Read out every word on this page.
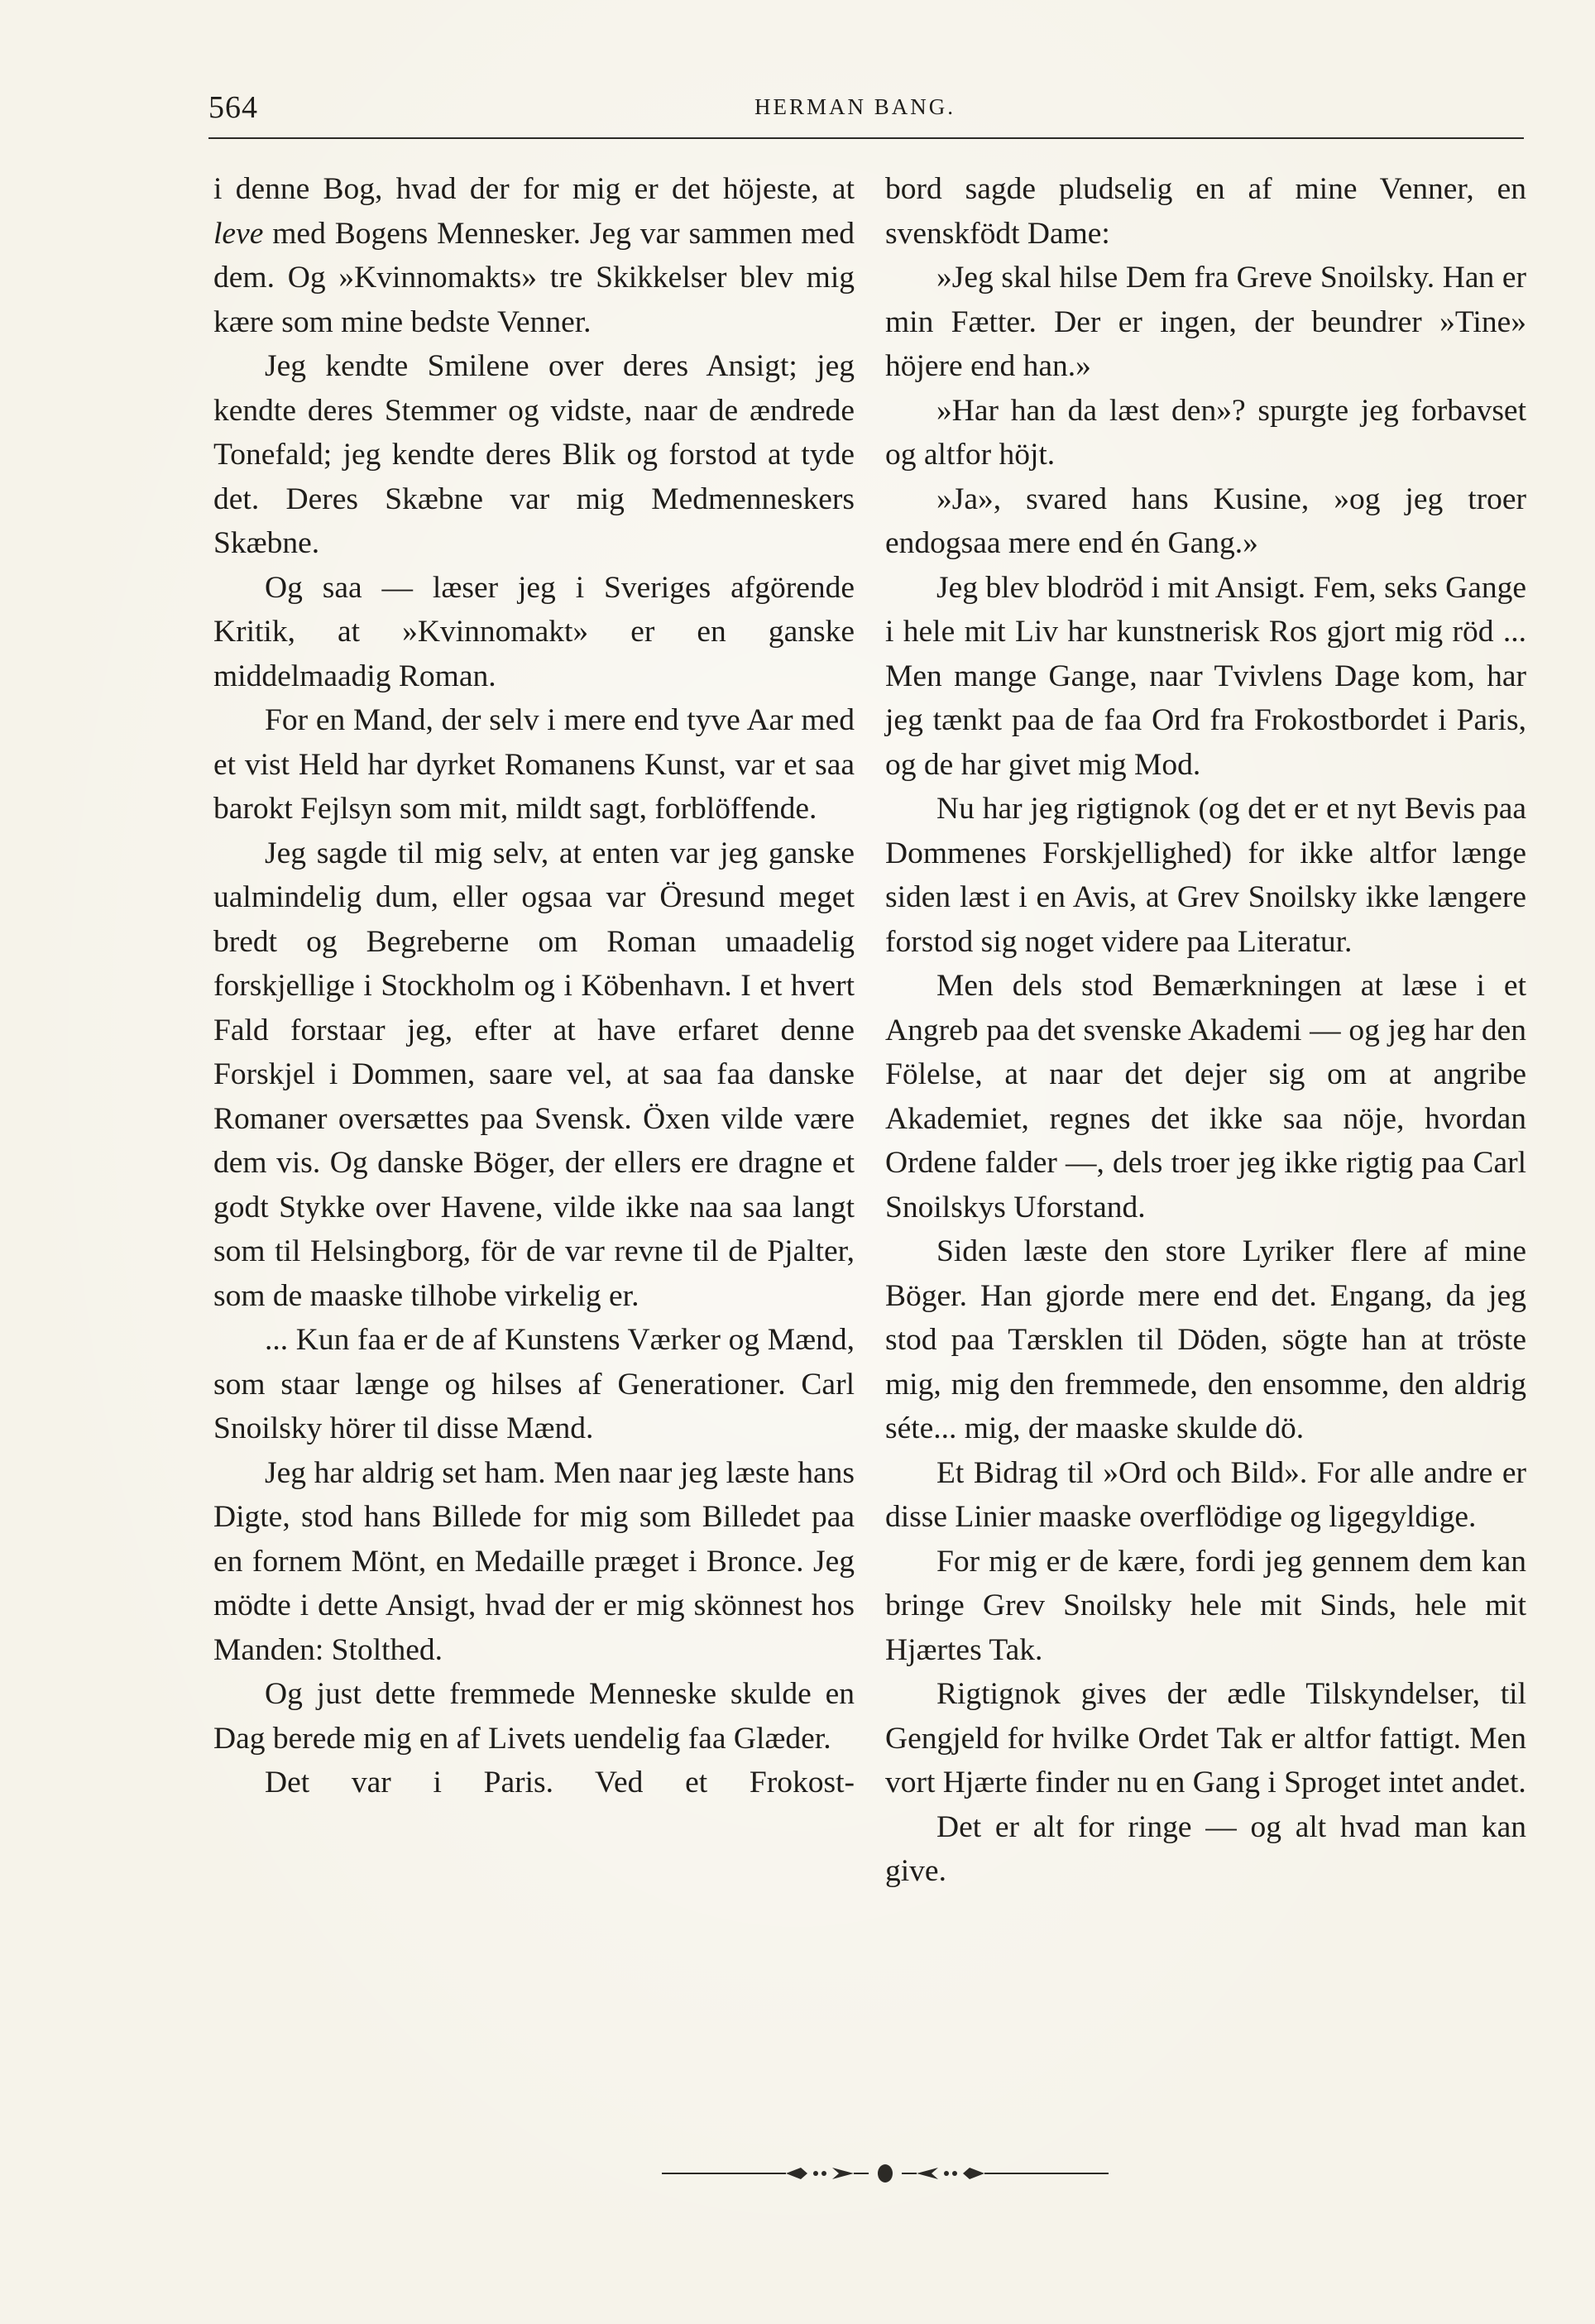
564	HERMAN BANG.

i denne Bog, hvad der for mig er det höjeste, at leve med Bogens Mennesker. Jeg var sammen med dem. Og »Kvinnomakts» tre Skikkelser blev mig kære som mine bedste Venner.

Jeg kendte Smilene over deres Ansigt; jeg kendte deres Stemmer og vidste, naar de ændrede Tonefald; jeg kendte deres Blik og forstod at tyde det. Deres Skæbne var mig Medmenneskers Skæbne.

Og saa — læser jeg i Sveriges afgörende Kritik, at »Kvinnomakt» er en ganske middelmaadig Roman.

For en Mand, der selv i mere end tyve Aar med et vist Held har dyrket Romanens Kunst, var et saa barokt Fejlsyn som mit, mildt sagt, forblöffende.

Jeg sagde til mig selv, at enten var jeg ganske ualmindelig dum, eller ogsaa var Öresund meget bredt og Begreberne om Roman umaadelig forskjellige i Stockholm og i Köbenhavn. I et hvert Fald forstaar jeg, efter at have erfaret denne Forskjel i Dommen, saare vel, at saa faa danske Romaner oversættes paa Svensk. Öxen vilde være dem vis. Og danske Böger, der ellers ere dragne et godt Stykke over Havene, vilde ikke naa saa langt som til Helsingborg, för de var revne til de Pjalter, som de maaske tilhobe virkelig er.

... Kun faa er de af Kunstens Værker og Mænd, som staar længe og hilses af Generationer. Carl Snoilsky hörer til disse Mænd.

Jeg har aldrig set ham. Men naar jeg læste hans Digte, stod hans Billede for mig som Billedet paa en fornem Mönt, en Medaille præget i Bronce. Jeg mödte i dette Ansigt, hvad der er mig skönnest hos Manden: Stolthed.

Og just dette fremmede Menneske skulde en Dag berede mig en af Livets uendelig faa Glæder.

Det var i Paris. Ved et Frokost-

bord sagde pludselig en af mine Venner, en svenskfödt Dame:

»Jeg skal hilse Dem fra Greve Snoilsky. Han er min Fætter. Der er ingen, der beundrer »Tine» höjere end han.»

»Har han da læst den»? spurgte jeg forbavset og altfor höjt.

»Ja», svared hans Kusine, »og jeg troer endogsaa mere end én Gang.»

Jeg blev blodröd i mit Ansigt. Fem, seks Gange i hele mit Liv har kunstnerisk Ros gjort mig röd ... Men mange Gange, naar Tvivlens Dage kom, har jeg tænkt paa de faa Ord fra Frokostbordet i Paris, og de har givet mig Mod.

Nu har jeg rigtignok (og det er et nyt Bevis paa Dommenes Forskjellighed) for ikke altfor længe siden læst i en Avis, at Grev Snoilsky ikke længere forstod sig noget videre paa Literatur.

Men dels stod Bemærkningen at læse i et Angreb paa det svenske Akademi — og jeg har den Fölelse, at naar det dejer sig om at angribe Akademiet, regnes det ikke saa nöje, hvordan Ordene falder —, dels troer jeg ikke rigtig paa Carl Snoilskys Uforstand.

Siden læste den store Lyriker flere af mine Böger. Han gjorde mere end det. Engang, da jeg stod paa Tærsklen til Döden, sögte han at tröste mig, mig den fremmede, den ensomme, den aldrig séte... mig, der maaske skulde dö.

Et Bidrag til »Ord och Bild». For alle andre er disse Linier maaske overflödige og ligegyldige.

For mig er de kære, fordi jeg gennem dem kan bringe Grev Snoilsky hele mit Sinds, hele mit Hjærtes Tak.

Rigtignok gives der ædle Tilskyndelser, til Gengjeld for hvilke Ordet Tak er altfor fattigt. Men vort Hjærte finder nu en Gang i Sproget intet andet.

Det er alt for ringe — og alt hvad man kan give.
